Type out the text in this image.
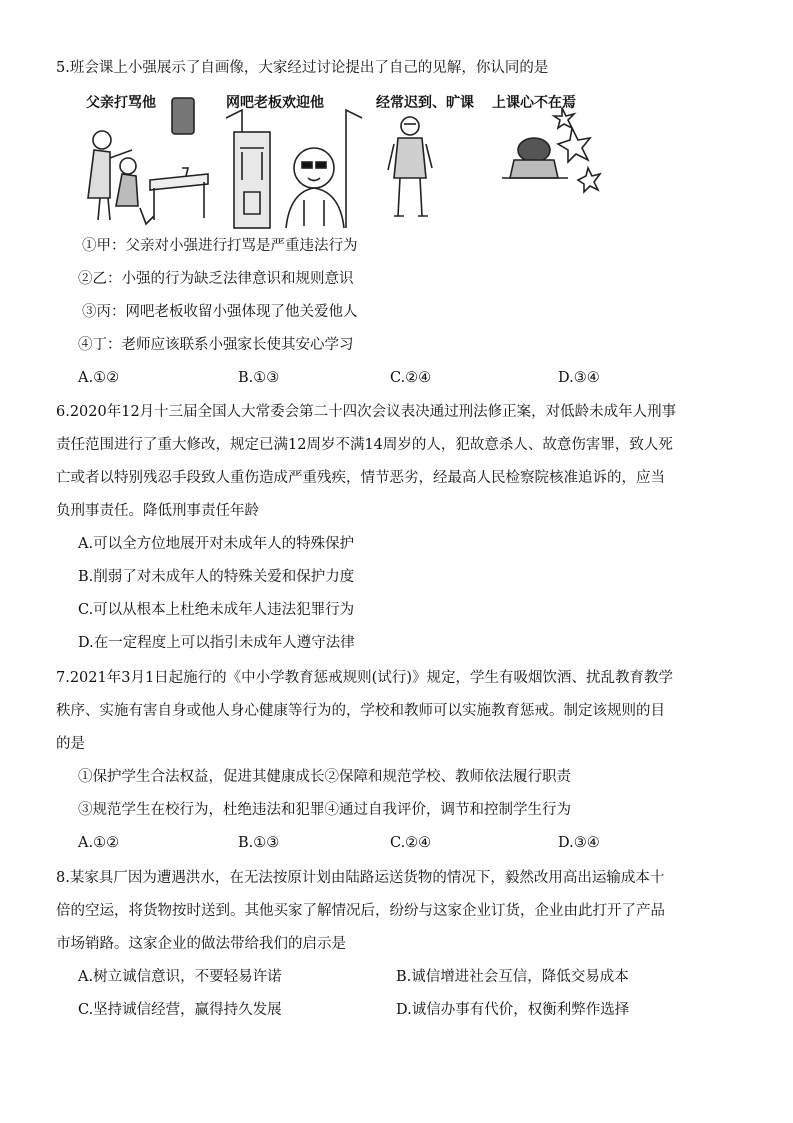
5.班会课上小强展示了自画像，大家经过讨论提出了自己的见解，你认同的是
父亲打骂他	网吧老板欢迎他	经常迟到、旷课 上课心不在焉
①甲：父亲对小强进行打骂是严重违法行为
②乙：小强的行为缺乏法律意识和规则意识
③丙：网吧老板收留小强体现了他关爱他人
④丁：老师应该联系小强家长使其安心学习
A.①②	B.①③	C.②④	D.③④
6.2020年12月十三届全国人大常委会第二十四次会议表决通过刑法修正案，对低龄未成年人刑事
责任范围进行了重大修改，规定已满12周岁不满14周岁的人，犯故意杀人、故意伤害罪，致人死
亡或者以特别残忍手段致人重伤造成严重残疾，情节恶劣，经最高人民检察院核准追诉的，应当
负刑事责任。降低刑事责任年龄
A.可以全方位地展开对未成年人的特殊保护
B.削弱了对未成年人的特殊关爱和保护力度
C.可以从根本上杜绝未成年人违法犯罪行为
D.在一定程度上可以指引未成年人遵守法律
7.2021年3月1日起施行的《中小学教育惩戒规则(试行)》规定，学生有吸烟饮酒、扰乱教育教学
秩序、实施有害自身或他人身心健康等行为的，学校和教师可以实施教育惩戒。制定该规则的目
的是
①保护学生合法权益，促进其健康成长②保障和规范学校、教师依法履行职责
③规范学生在校行为，杜绝违法和犯罪④通过自我评价，调节和控制学生行为
A.①②	B.①③	C.②④	D.③④
8.某家具厂因为遭遇洪水，在无法按原计划由陆路运送货物的情况下，毅然改用高出运输成本十
倍的空运，将货物按时送到。其他买家了解情况后，纷纷与这家企业订货，企业由此打开了产品
市场销路。这家企业的做法带给我们的启示是
A.树立诚信意识，不要轻易许诺	B.诚信增进社会互信，降低交易成本
C.坚持诚信经营，赢得持久发展	D.诚信办事有代价，权衡利弊作选择
